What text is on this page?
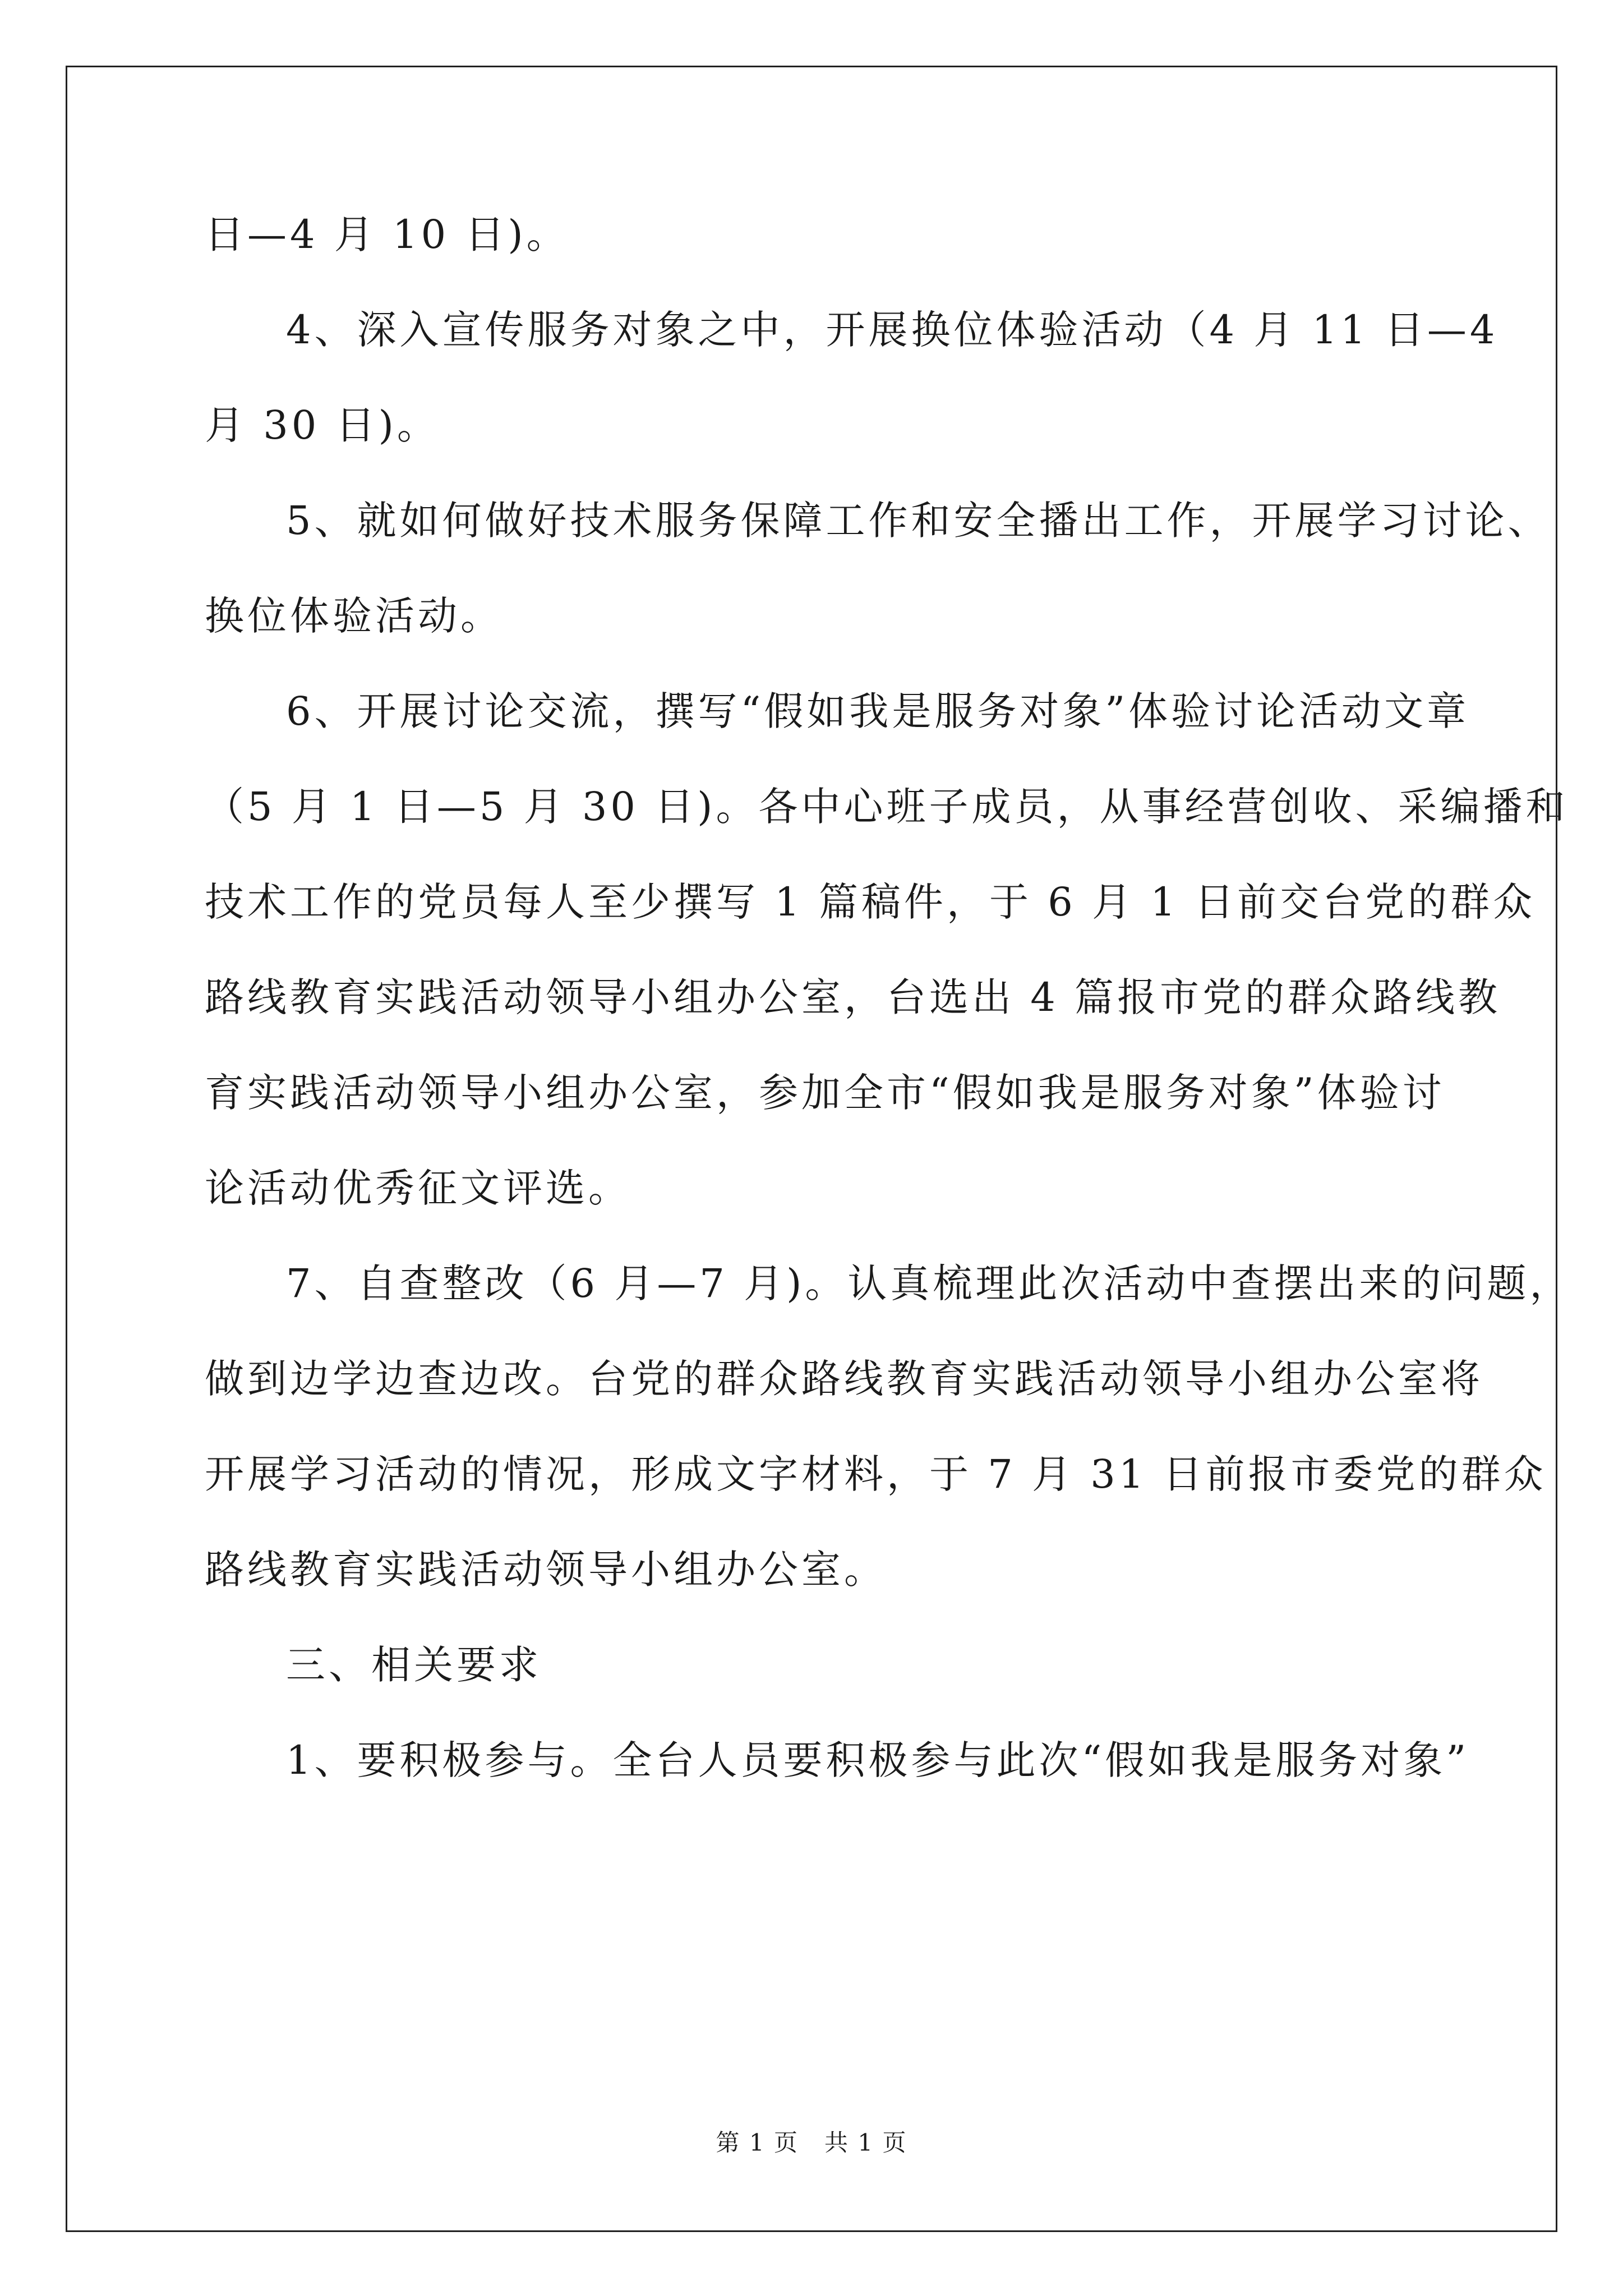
日—4 月 10 日)。
4、深入宣传服务对象之中，开展换位体验活动（4 月 11 日—4
月 30 日)。
5、就如何做好技术服务保障工作和安全播出工作，开展学习讨论、
换位体验活动。
6、开展讨论交流，撰写“假如我是服务对象”体验讨论活动文章
（5 月 1 日—5 月 30 日)。各中心班子成员，从事经营创收、采编播和
技术工作的党员每人至少撰写 1 篇稿件，于 6 月 1 日前交台党的群众
路线教育实践活动领导小组办公室，台选出 4 篇报市党的群众路线教
育实践活动领导小组办公室，参加全市“假如我是服务对象”体验讨
论活动优秀征文评选。
7、自查整改（6 月—7 月)。认真梳理此次活动中查摆出来的问题，
做到边学边查边改。台党的群众路线教育实践活动领导小组办公室将
开展学习活动的情况，形成文字材料，于 7 月 31 日前报市委党的群众
路线教育实践活动领导小组办公室。
三、相关要求
1、要积极参与。全台人员要积极参与此次“假如我是服务对象”
第 1 页   共 1 页
